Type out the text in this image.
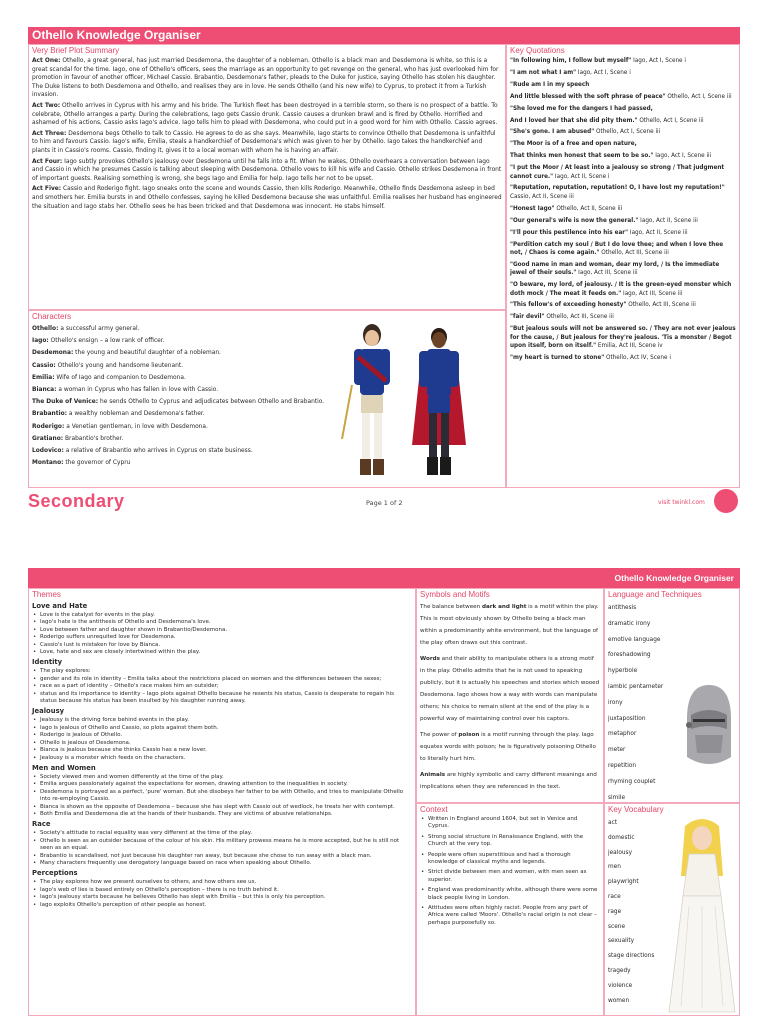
Othello Knowledge Organiser
Very Brief Plot Summary

Act One: Othello, a great general, has just married Desdemona, the daughter of a nobleman. Othello is a black man and Desdemona is white, so this is a great scandal for the time. Iago, one of Othello's officers, sees the marriage as an opportunity to get revenge on the general, who has just overlooked him for promotion in favour of another officer, Michael Cassio. Brabantio, Desdemona's father, pleads to the Duke for justice, saying Othello has stolen his daughter. The Duke listens to both Desdemona and Othello, and realises they are in love. He sends Othello (and his new wife) to Cyprus, to protect it from a Turkish invasion.

Act Two: Othello arrives in Cyprus with his army and his bride. The Turkish fleet has been destroyed in a terrible storm, so there is no prospect of a battle. To celebrate, Othello arranges a party. During the celebrations, Iago gets Cassio drunk. Cassio causes a drunken brawl and is fired by Othello. Horrified and ashamed of his actions, Cassio asks Iago's advice. Iago tells him to plead with Desdemona, who could put in a good word for him with Othello. Cassio agrees.

Act Three: Desdemona begs Othello to talk to Cassio. He agrees to do as she says. Meanwhile, Iago starts to convince Othello that Desdemona is unfaithful to him and favours Cassio. Iago's wife, Emilia, steals a handkerchief of Desdemona's which was given to her by Othello. Iago takes the handkerchief and plants it in Cassio's rooms. Cassio, finding it, gives it to a local woman with whom he is having an affair.

Act Four: Iago subtly provokes Othello's jealousy over Desdemona until he falls into a fit. When he wakes, Othello overhears a conversation between Iago and Cassio in which he presumes Cassio is talking about sleeping with Desdemona. Othello vows to kill his wife and Cassio. Othello strikes Desdemona in front of important guests. Realising something is wrong, she begs Iago and Emilia for help. Iago tells her not to be upset.

Act Five: Cassio and Roderigo fight. Iago sneaks onto the scene and wounds Cassio, then kills Roderigo. Meanwhile, Othello finds Desdemona asleep in bed and smothers her. Emilia bursts in and Othello confesses, saying he killed Desdemona because she was unfaithful. Emilia realises her husband has engineered the situation and Iago stabs her. Othello sees he has been tricked and that Desdemona was innocent. He stabs himself.

Characters
Othello: a successful army general.
Iago: Othello's ensign – a low rank of officer.
Desdemona: the young and beautiful daughter of a nobleman.
Cassio: Othello's young and handsome lieutenant.
Emilia: Wife of Iago and companion to Desdemona.
Bianca: a woman in Cyprus who has fallen in love with Cassio.
The Duke of Venice: he sends Othello to Cyprus and adjudicates between Othello and Brabantio.
Brabantio: a wealthy nobleman and Desdemona's father.
Roderigo: a Venetian gentleman, in love with Desdemona.
Gratiano: Brabantio's brother.
Lodovico: a relative of Brabantio who arrives in Cyprus on state business.
Montano: the governor of Cypru
Key Quotations
"In following him, I follow but myself" Iago, Act I, Scene i
"I am not what I am" Iago, Act I, Scene i
"Rude am I in my speech
And little blessed with the soft phrase of peace" Othello, Act I, Scene iii
"She loved me for the dangers I had passed,
And I loved her that she did pity them." Othello, Act I, Scene iii
"She's gone. I am abused" Othello, Act I, Scene iii
"The Moor is of a free and open nature,
That thinks men honest that seem to be so." Iago, Act I, Scene iii
"I put the Moor / At least into a jealousy so strong / That judgment cannot cure." Iago, Act II, Scene i
"Reputation, reputation, reputation! O, I have lost my reputation!" Cassio, Act II, Scene iii
"Honest Iago" Othello, Act II, Scene iii
"Our general's wife is now the general." Iago, Act II, Scene iii
"I'll pour this pestilence into his ear" Iago, Act II, Scene iii
"Perdition catch my soul / But I do love thee; and when I love thee not, / Chaos is come again." Othello, Act III, Scene iii
"Good name in man and woman, dear my lord, / Is the immediate jewel of their souls." Iago, Act III, Scene iii
"O beware, my lord, of jealousy. / It is the green-eyed monster which doth mock / The meat it feeds on." Iago, Act III, Scene iii
"This fellow's of exceeding honesty" Othello, Act III, Scene iii
"fair devil" Othello, Act III, Scene iii
"But jealous souls will not be answered so. / They are not ever jealous for the cause, / But jealous for they're jealous. 'Tis a monster / Begot upon itself, born on itself." Emilia, Act III, Scene iv
"my heart is turned to stone" Othello, Act IV, Scene i
Secondary	Page 1 of 2	visit twinkl.com
Othello Knowledge Organiser
Themes
Love and Hate
• Love is the catalyst for events in the play.
• Iago's hate is the antithesis of Othello and Desdemona's love.
• Love between father and daughter shown in Brabantio/Desdemona.
• Roderigo suffers unrequited love for Desdemona.
• Cassio's lust is mistaken for love by Bianca.
• Love, hate and sex are closely intertwined within the play.
Identity
• The play explores:
• gender and its role in identity – Emilia talks about the restrictions placed on women and the differences between the sexes;
• race as a part of identity – Othello's race makes him an outsider;
• status and its importance to identity – Iago plots against Othello because he resents his status, Cassio is desperate to regain his status because his status has been insulted by his daughter running away.
Jealousy
• Jealousy is the driving force behind events in the play.
• Iago is jealous of Othello and Cassio, so plots against them both.
• Roderigo is jealous of Othello.
• Othello is jealous of Desdemona.
• Bianca is jealous because she thinks Cassio has a new lover.
• Jealousy is a monster which feeds on the characters.
Men and Women
• Society viewed men and women differently at the time of the play.
• Emilia argues passionately against the expectations for women, drawing attention to the inequalities in society.
• Desdemona is portrayed as a perfect, 'pure' woman. But she disobeys her father to be with Othello, and tries to manipulate Othello into re-employing Cassio.
• Bianca is shown as the opposite of Desdemona – because she has slept with Cassio out of wedlock, he treats her with contempt.
• Both Emilia and Desdemona die at the hands of their husbands. They are victims of abusive relationships.
Race
• Society's attitude to racial equality was very different at the time of the play.
• Othello is seen as an outsider because of the colour of his skin. His military prowess means he is more accepted, but he is still not seen as an equal.
• Brabantio is scandalised, not just because his daughter ran away, but because she chose to run away with a black man.
• Many characters frequently use derogatory language based on race when speaking about Othello.
Perceptions
• The play explores how we present ourselves to others, and how others see us.
• Iago's web of lies is based entirely on Othello's perception – there is no truth behind it.
• Iago's jealousy starts because he believes Othello has slept with Emilia – but this is only his perception.
• Iago exploits Othello's perception of other people as honest.
Symbols and Motifs

The balance between dark and light is a motif within the play. This is most obviously shown by Othello being a black man within a predominantly white environment, but the language of the play often draws out this contrast.

Words and their ability to manipulate others is a strong motif in the play. Othello admits that he is not used to speaking publicly, but it is actually his speeches and stories which wooed Desdemona. Iago shows how a way with words can manipulate others; his choice to remain silent at the end of the play is a powerful way of maintaining control over his captors.

The power of poison is a motif running through the play. Iago equates words with poison; he is figuratively poisoning Othello to literally hurt him.

Animals are highly symbolic and carry different meanings and implications when they are referenced in the text.

Context
• Written in England around 1604, but set in Venice and Cyprus.
• Strong social structure in Renaissance England, with the Church at the very top.
• People were often superstitious and had a thorough knowledge of classical myths and legends.
• Strict divide between men and women, with men seen as superior.
• England was predominantly white, although there were some black people living in London.
• Attitudes were often highly racist. People from any part of Africa were called 'Moors'. Othello's racial origin is not clear – perhaps purposefully so.
Language and Techniques
antithesis
dramatic irony
emotive language
foreshadowing
hyperbole
iambic pentameter
irony
juxtaposition
metaphor
meter
repetition
rhyming couplet
simile
Key Vocabulary
act
domestic
jealousy
men
playwright
race
rage
scene
sexuality
stage directions
tragedy
violence
women
